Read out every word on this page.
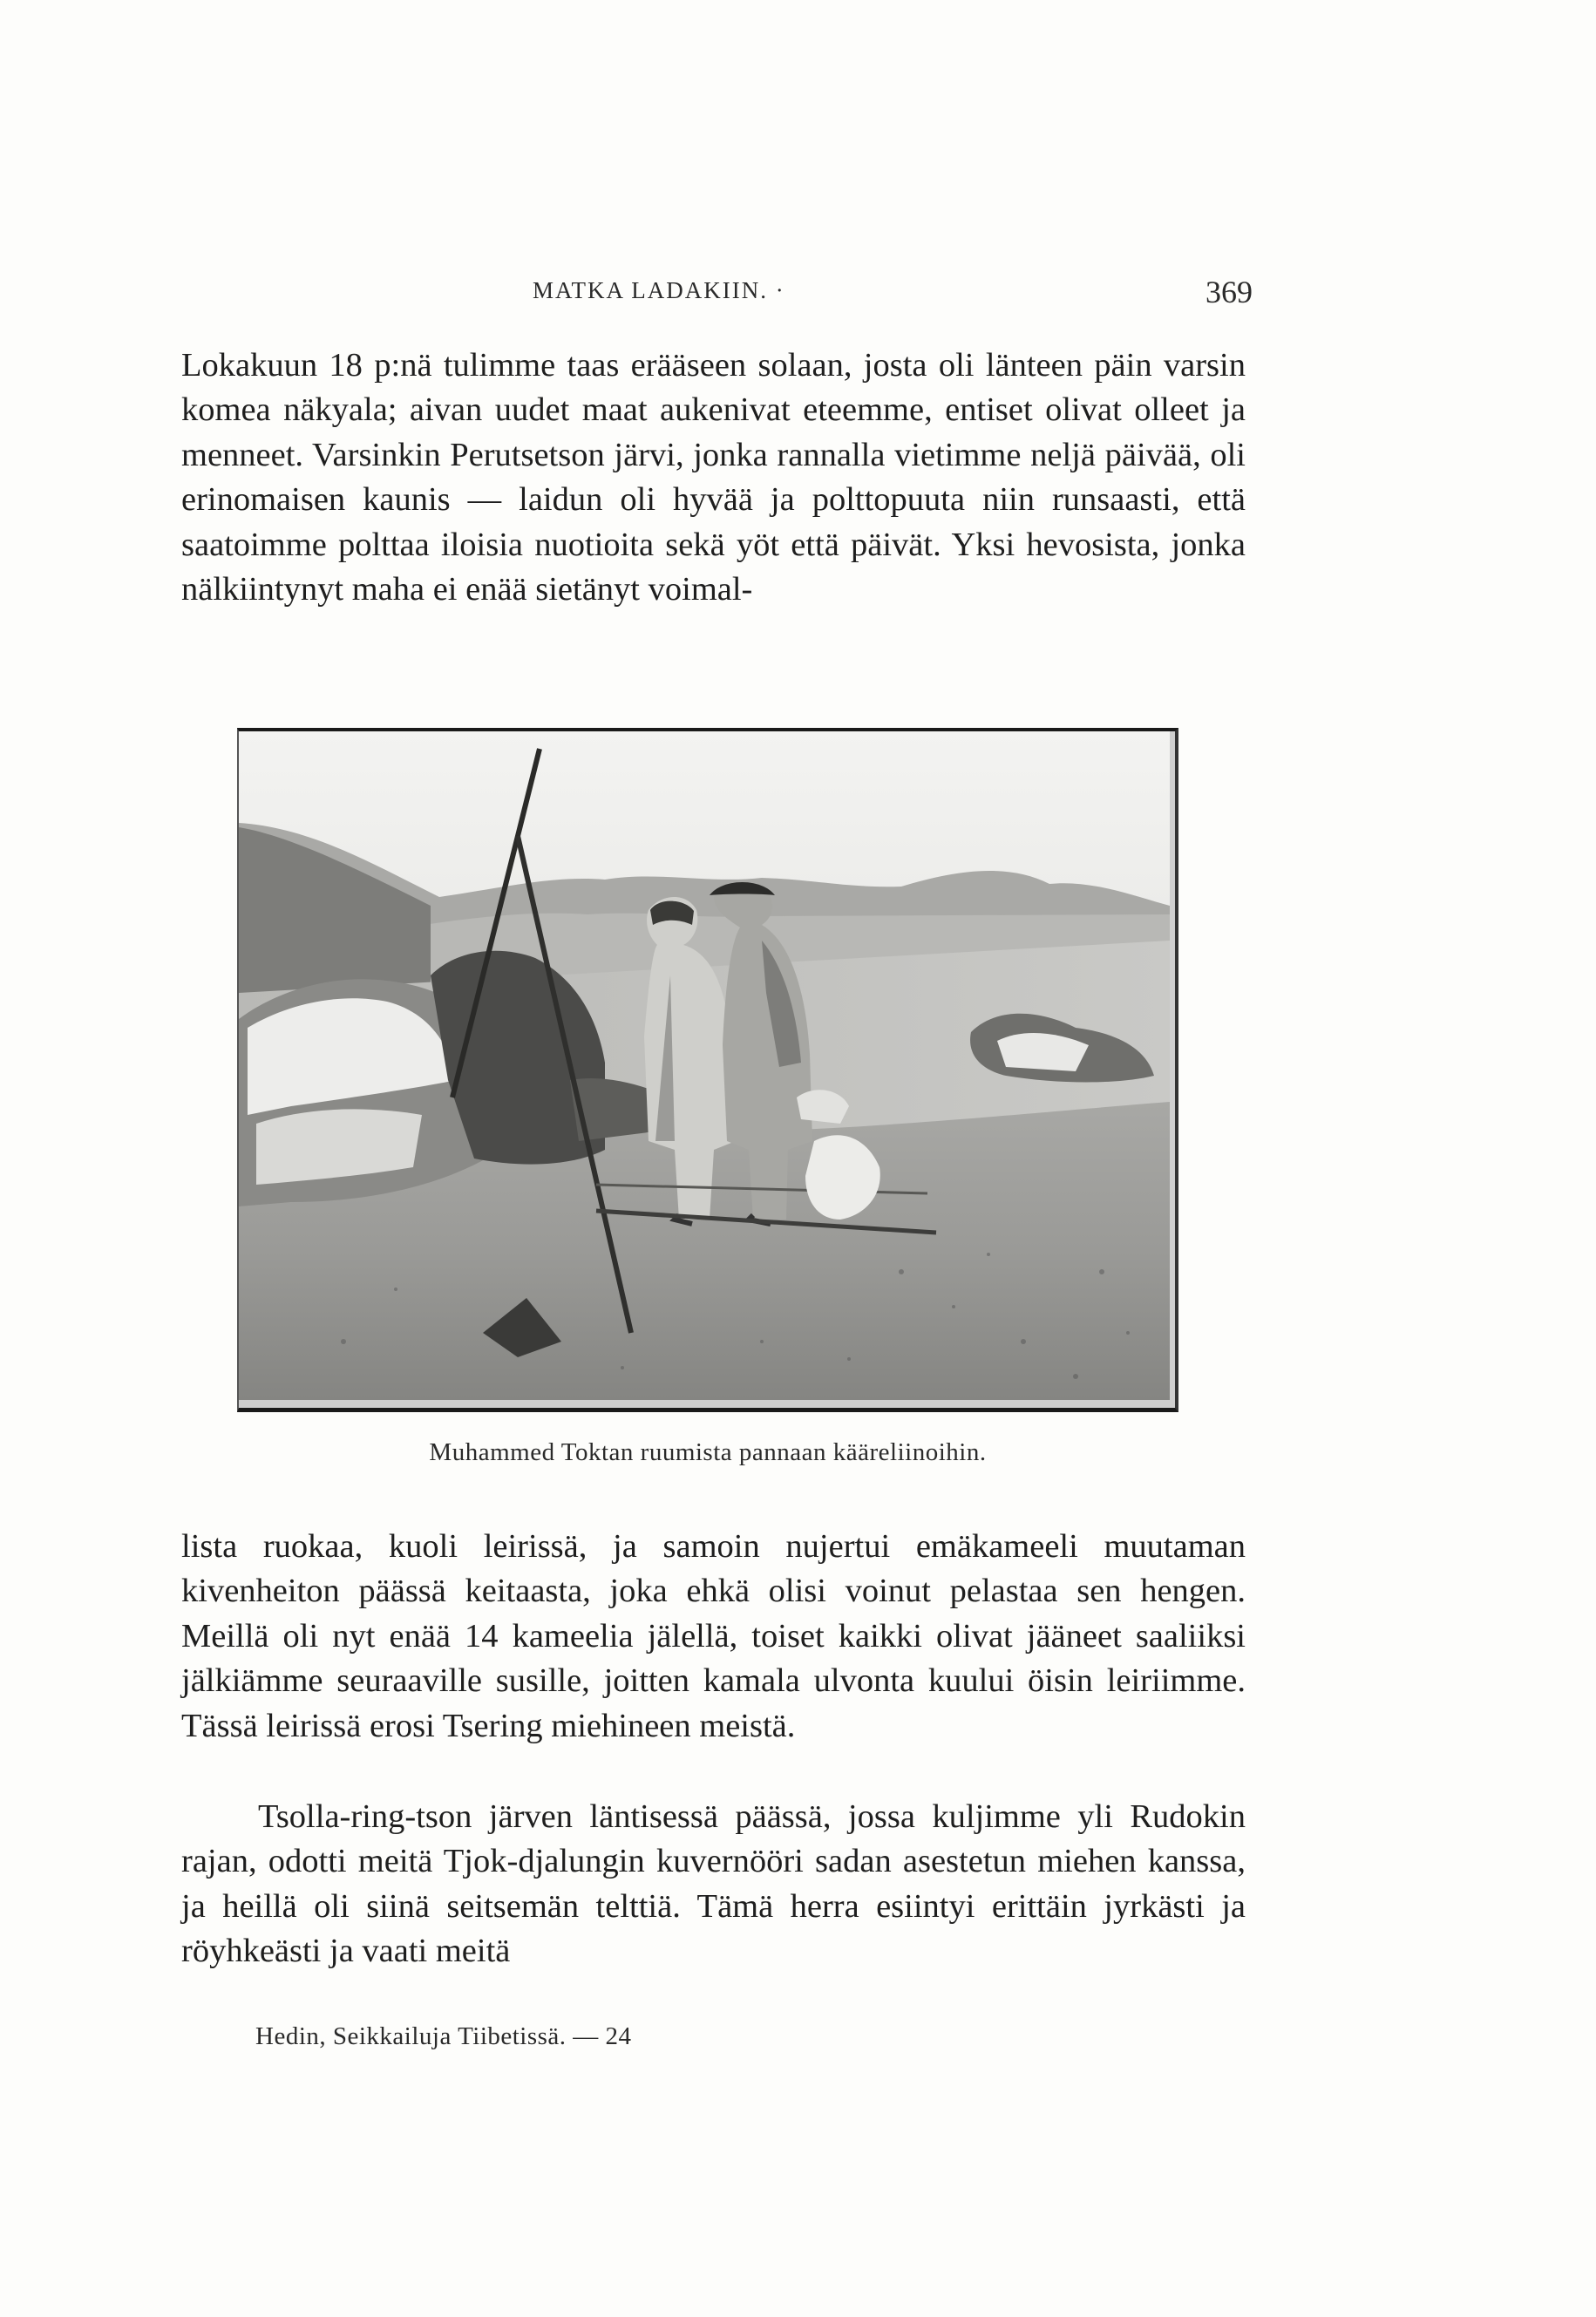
MATKA LADAKIIN. ·	369

Lokakuun 18 p:nä tulimme taas erääseen solaan, josta oli länteen päin varsin komea näkyala; aivan uudet maat aukenivat eteemme, entiset olivat olleet ja menneet. Varsinkin Perutsetson järvi, jonka rannalla vietimme neljä päivää, oli erinomaisen kaunis — laidun oli hyvää ja polttopuuta niin runsaasti, että saatoimme polttaa iloisia nuotioita sekä yöt että päivät. Yksi hevosista, jonka nälkiintynyt maha ei enää sietänyt voimal-

Muhammed Toktan ruumista pannaan kääreliinoihin.

lista ruokaa, kuoli leirissä, ja samoin nujertui emäkameeli muutaman kivenheiton päässä keitaasta, joka ehkä olisi voinut pelastaa sen hengen. Meillä oli nyt enää 14 kameelia jälellä, toiset kaikki olivat jääneet saaliiksi jälkiämme seuraaville susille, joitten kamala ulvonta kuului öisin leiriimme. Tässä leirissä erosi Tsering miehineen meistä.

Tsolla-ring-tson järven läntisessä päässä, jossa kuljimme yli Rudokin rajan, odotti meitä Tjok-djalungin kuvernööri sadan asestetun miehen kanssa, ja heillä oli siinä seitsemän telttiä. Tämä herra esiintyi erittäin jyrkästi ja röyhkeästi ja vaati meitä

Hedin, Seikkailuja Tiibetissä. — 24
